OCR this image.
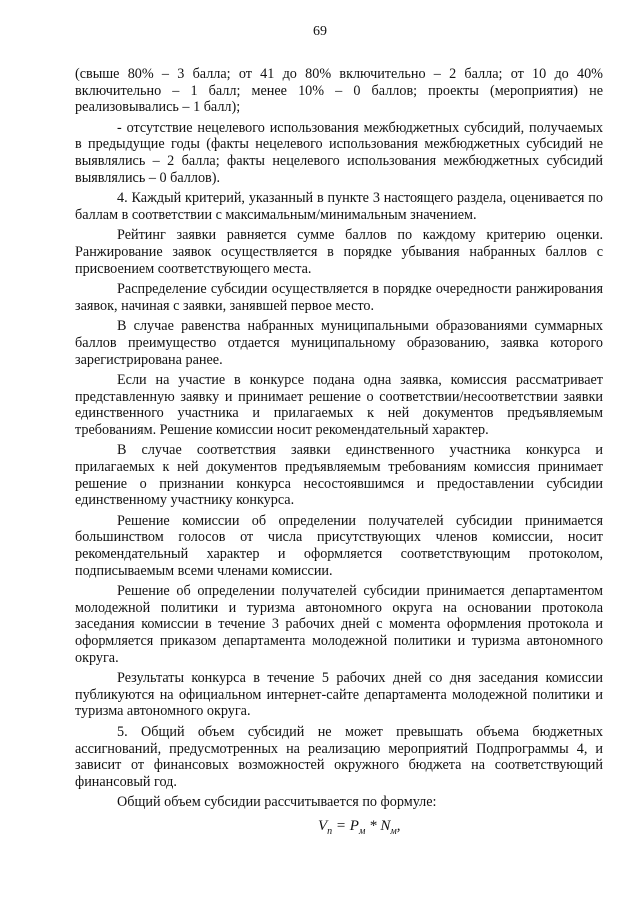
69

(свыше 80% – 3 балла; от 41 до 80% включительно – 2 балла; от 10 до 40% включительно – 1 балл; менее 10% – 0 баллов; проекты (мероприятия) не реализовывались – 1 балл);

- отсутствие нецелевого использования межбюджетных субсидий, получаемых в предыдущие годы (факты нецелевого использования межбюджетных субсидий не выявлялись – 2 балла; факты нецелевого использования межбюджетных субсидий выявлялись – 0 баллов).

4. Каждый критерий, указанный в пункте 3 настоящего раздела, оценивается по баллам в соответствии с максимальным/минимальным значением.

Рейтинг заявки равняется сумме баллов по каждому критерию оценки. Ранжирование заявок осуществляется в порядке убывания набранных баллов с присвоением соответствующего места.

Распределение субсидии осуществляется в порядке очередности ранжирования заявок, начиная с заявки, занявшей первое место.

В случае равенства набранных муниципальными образованиями суммарных баллов преимущество отдается муниципальному образованию, заявка которого зарегистрирована ранее.

Если на участие в конкурсе подана одна заявка, комиссия рассматривает представленную заявку и принимает решение о соответствии/несоответствии заявки единственного участника и прилагаемых к ней документов предъявляемым требованиям. Решение комиссии носит рекомендательный характер.

В случае соответствия заявки единственного участника конкурса и прилагаемых к ней документов предъявляемым требованиям комиссия принимает решение о признании конкурса несостоявшимся и предоставлении субсидии единственному участнику конкурса.

Решение комиссии об определении получателей субсидии принимается большинством голосов от числа присутствующих членов комиссии, носит рекомендательный характер и оформляется соответствующим протоколом, подписываемым всеми членами комиссии.

Решение об определении получателей субсидии принимается департаментом молодежной политики и туризма автономного округа на основании протокола заседания комиссии в течение 3 рабочих дней с момента оформления протокола и оформляется приказом департамента молодежной политики и туризма автономного округа.

Результаты конкурса в течение 5 рабочих дней со дня заседания комиссии публикуются на официальном интернет-сайте департамента молодежной политики и туризма автономного округа.

5. Общий объем субсидий не может превышать объема бюджетных ассигнований, предусмотренных на реализацию мероприятий Подпрограммы 4, и зависит от финансовых возможностей окружного бюджета на соответствующий финансовый год.

Общий объем субсидии рассчитывается по формуле:

$V_п = P_м * N_м$,
